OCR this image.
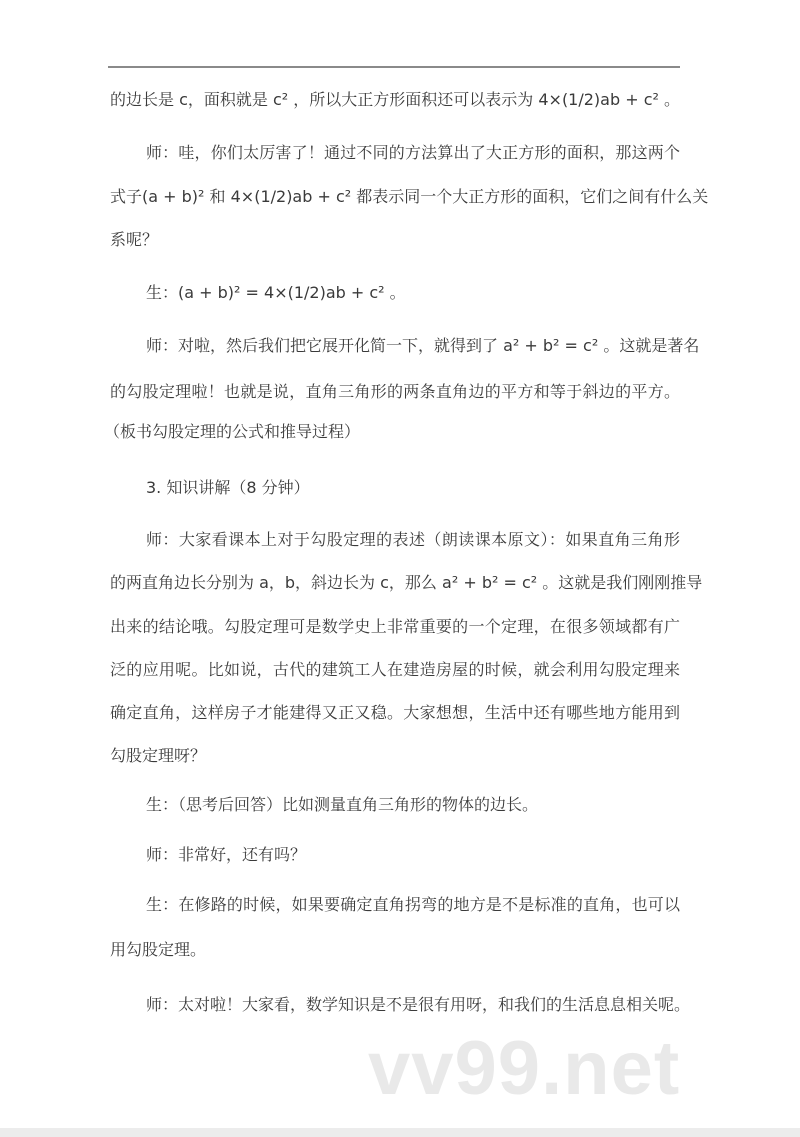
的边长是 c，面积就是 c² ，所以大正方形面积还可以表示为 4×(1/2)ab + c² 。
师：哇，你们太厉害了！通过不同的方法算出了大正方形的面积，那这两个
式子(a + b)² 和 4×(1/2)ab + c² 都表示同一个大正方形的面积，它们之间有什么关
系呢？
生：(a + b)² = 4×(1/2)ab + c² 。
师：对啦，然后我们把它展开化简一下，就得到了 a² + b² = c² 。这就是著名
的勾股定理啦！也就是说，直角三角形的两条直角边的平方和等于斜边的平方。
（板书勾股定理的公式和推导过程）
3. 知识讲解（8 分钟）
师：大家看课本上对于勾股定理的表述（朗读课本原文）：如果直角三角形
的两直角边长分别为 a，b，斜边长为 c，那么 a² + b² = c² 。这就是我们刚刚推导
出来的结论哦。勾股定理可是数学史上非常重要的一个定理，在很多领域都有广
泛的应用呢。比如说，古代的建筑工人在建造房屋的时候，就会利用勾股定理来
确定直角，这样房子才能建得又正又稳。大家想想，生活中还有哪些地方能用到
勾股定理呀？
生：（思考后回答）比如测量直角三角形的物体的边长。
师：非常好，还有吗？
生：在修路的时候，如果要确定直角拐弯的地方是不是标准的直角，也可以
用勾股定理。
师：太对啦！大家看，数学知识是不是很有用呀，和我们的生活息息相关呢。
vv99.net
